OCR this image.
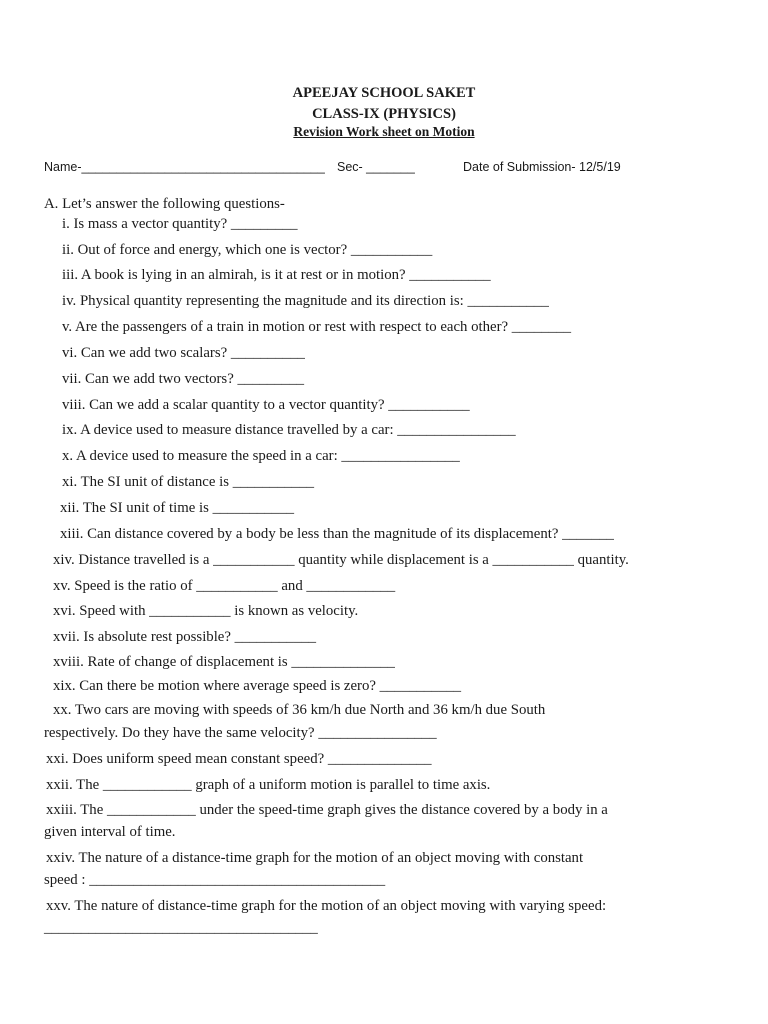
APEEJAY SCHOOL SAKET
CLASS-IX (PHYSICS)
Revision Work sheet on Motion
Name-___________________________________ Sec- _______	Date of Submission- 12/5/19
A. Let’s answer the following questions-
i. Is mass a vector quantity? _________
ii. Out of force and energy, which one is vector? ___________
iii. A book is lying in an almirah, is it at rest or in motion? ___________
iv. Physical quantity representing the magnitude and its direction is: ___________
v. Are the passengers of a train in motion or rest with respect to each other? ________
vi. Can we add two scalars? __________
vii. Can we add two vectors? _________
viii. Can we add a scalar quantity to a vector quantity? ___________
ix. A device used to measure distance travelled by a car: ________________
x. A device used to measure the speed in a car: ________________
xi. The SI unit of distance is ___________
xii. The SI unit of time is ___________
xiii. Can distance covered by a body be less than the magnitude of its displacement? _______
xiv. Distance travelled is a ___________ quantity while displacement is a ___________ quantity.
xv. Speed is the ratio of ___________ and ____________
xvi. Speed with ___________ is known as velocity.
xvii. Is absolute rest possible? ___________
xviii. Rate of change of displacement is ______________
xix. Can there be motion where average speed is zero? ___________
xx. Two cars are moving with speeds of 36 km/h due North and 36 km/h due South
respectively. Do they have the same velocity? ________________
xxi. Does uniform speed mean constant speed? ______________
xxii. The ____________ graph of a uniform motion is parallel to time axis.
xxiii. The ____________ under the speed-time graph gives the distance covered by a body in a
given interval of time.
xxiv. The nature of a distance-time graph for the motion of an object moving with constant
speed : ________________________________________
xxv. The nature of distance-time graph for the motion of an object moving with varying speed:
_____________________________________
